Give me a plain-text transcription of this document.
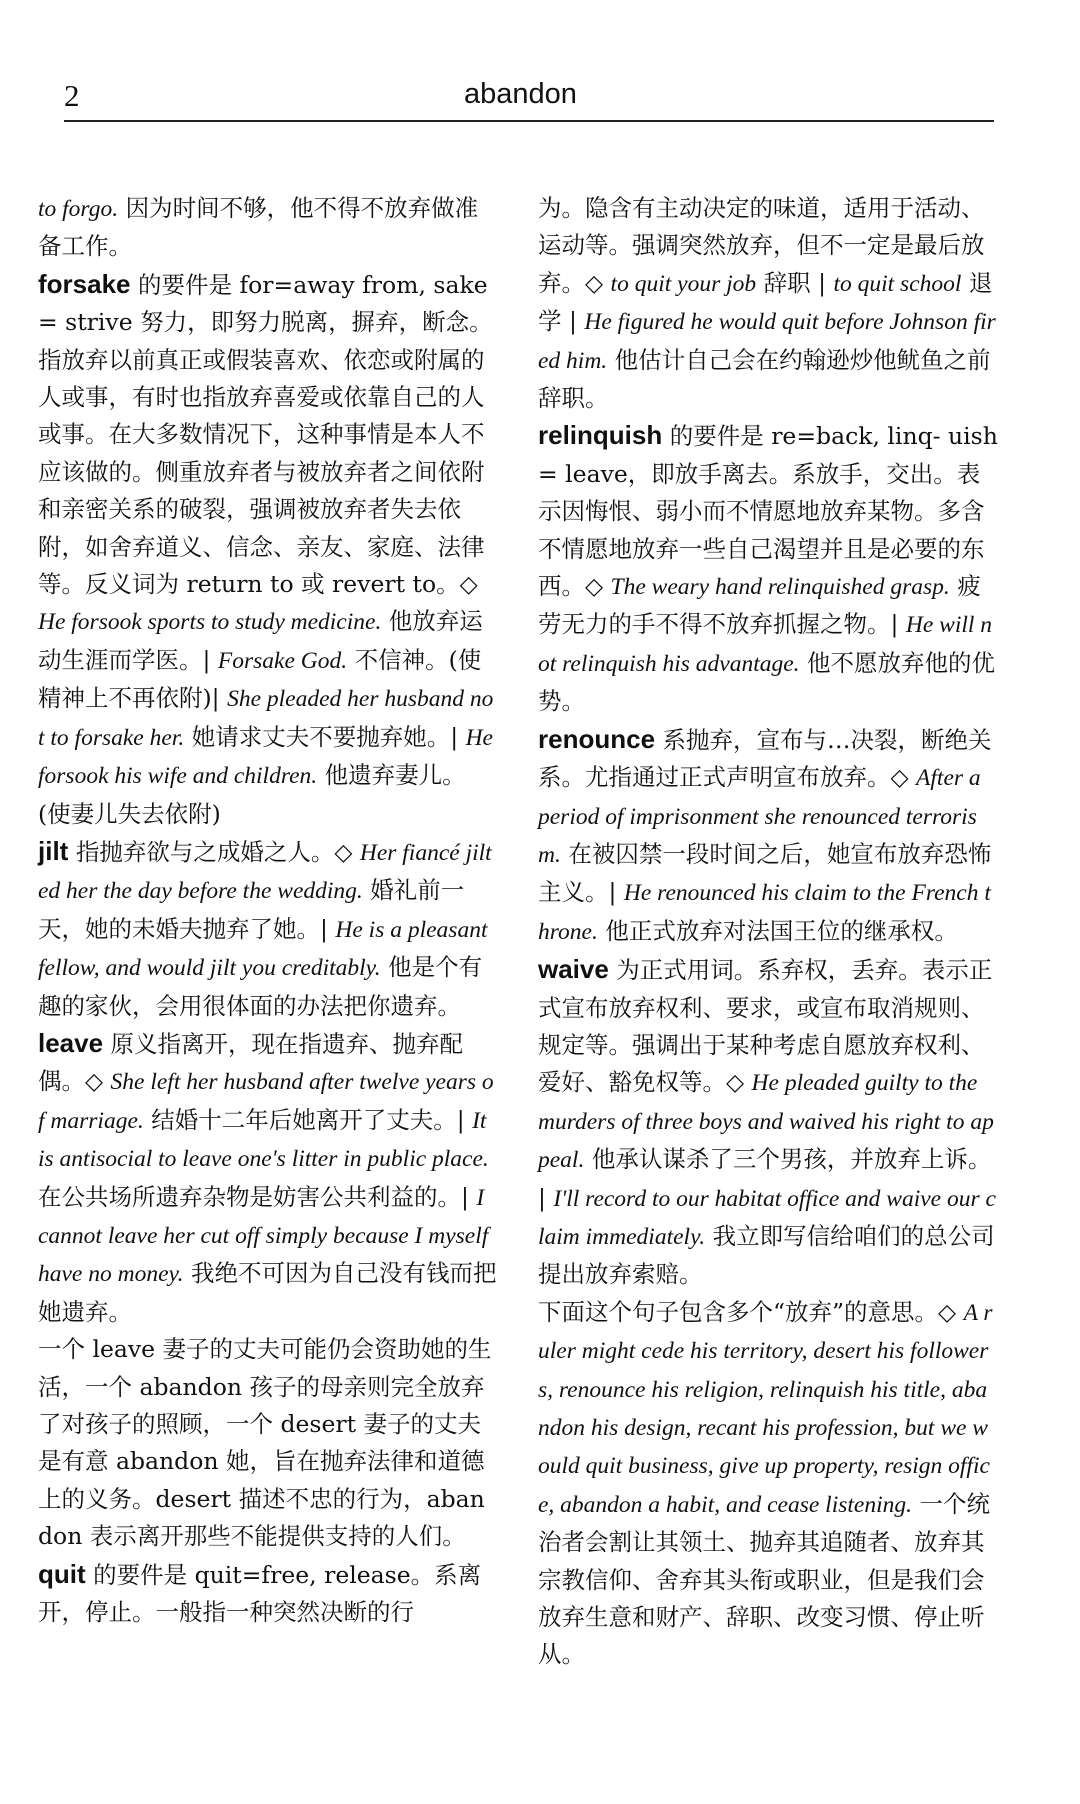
2	abandon

to forgo. 因为时间不够，他不得不放弃做准备工作。

forsake 的要件是 for=away from, sake= strive 努力，即努力脱离，摒弃，断念。指放弃以前真正或假装喜欢、依恋或附属的人或事，有时也指放弃喜爱或依靠自己的人或事。在大多数情况下，这种事情是本人不应该做的。侧重放弃者与被放弃者之间依附和亲密关系的破裂，强调被放弃者失去依附，如舍弃道义、信念、亲友、家庭、法律等。反义词为 return to 或 revert to。◇ He forsook sports to study medicine. 他放弃运动生涯而学医。| Forsake God. 不信神。(使精神上不再依附)| She pleaded her husband not to forsake her. 她请求丈夫不要抛弃她。| He forsook his wife and children. 他遗弃妻儿。(使妻儿失去依附)

jilt 指抛弃欲与之成婚之人。◇ Her fiancé jilted her the day before the wedding. 婚礼前一天，她的未婚夫抛弃了她。| He is a pleasant fellow, and would jilt you creditably. 他是个有趣的家伙，会用很体面的办法把你遗弃。

leave 原义指离开，现在指遗弃、抛弃配偶。◇ She left her husband after twelve years of marriage. 结婚十二年后她离开了丈夫。| It is antisocial to leave one's litter in public place. 在公共场所遗弃杂物是妨害公共利益的。| I cannot leave her cut off simply because I myself have no money. 我绝不可因为自己没有钱而把她遗弃。

一个 leave 妻子的丈夫可能仍会资助她的生活，一个 abandon 孩子的母亲则完全放弃了对孩子的照顾，一个 desert 妻子的丈夫是有意 abandon 她，旨在抛弃法律和道德上的义务。desert 描述不忠的行为，abandon 表示离开那些不能提供支持的人们。

quit 的要件是 quit=free, release。系离开，停止。一般指一种突然决断的行

为。隐含有主动决定的味道，适用于活动、运动等。强调突然放弃，但不一定是最后放弃。◇ to quit your job 辞职 | to quit school 退学 | He figured he would quit before Johnson fired him. 他估计自己会在约翰逊炒他鱿鱼之前辞职。

relinquish 的要件是 re=back, linq- uish= leave，即放手离去。系放手，交出。表示因悔恨、弱小而不情愿地放弃某物。多含不情愿地放弃一些自己渴望并且是必要的东西。◇ The weary hand relinquished grasp. 疲劳无力的手不得不放弃抓握之物。| He will not relinquish his advantage. 他不愿放弃他的优势。

renounce 系抛弃，宣布与…决裂，断绝关系。尤指通过正式声明宣布放弃。◇ After a period of imprisonment she renounced terrorism. 在被囚禁一段时间之后，她宣布放弃恐怖主义。| He renounced his claim to the French throne. 他正式放弃对法国王位的继承权。

waive 为正式用词。系弃权，丢弃。表示正式宣布放弃权利、要求，或宣布取消规则、规定等。强调出于某种考虑自愿放弃权利、爱好、豁免权等。◇ He pleaded guilty to the murders of three boys and waived his right to appeal. 他承认谋杀了三个男孩，并放弃上诉。| I'll record to our habitat office and waive our claim immediately. 我立即写信给咱们的总公司提出放弃索赔。

下面这个句子包含多个“放弃”的意思。◇ A ruler might cede his territory, desert his followers, renounce his religion, relinquish his title, abandon his design, recant his profession, but we would quit business, give up property, resign office, abandon a habit, and cease listening. 一个统治者会割让其领土、抛弃其追随者、放弃其宗教信仰、舍弃其头衔或职业，但是我们会放弃生意和财产、辞职、改变习惯、停止听从。
